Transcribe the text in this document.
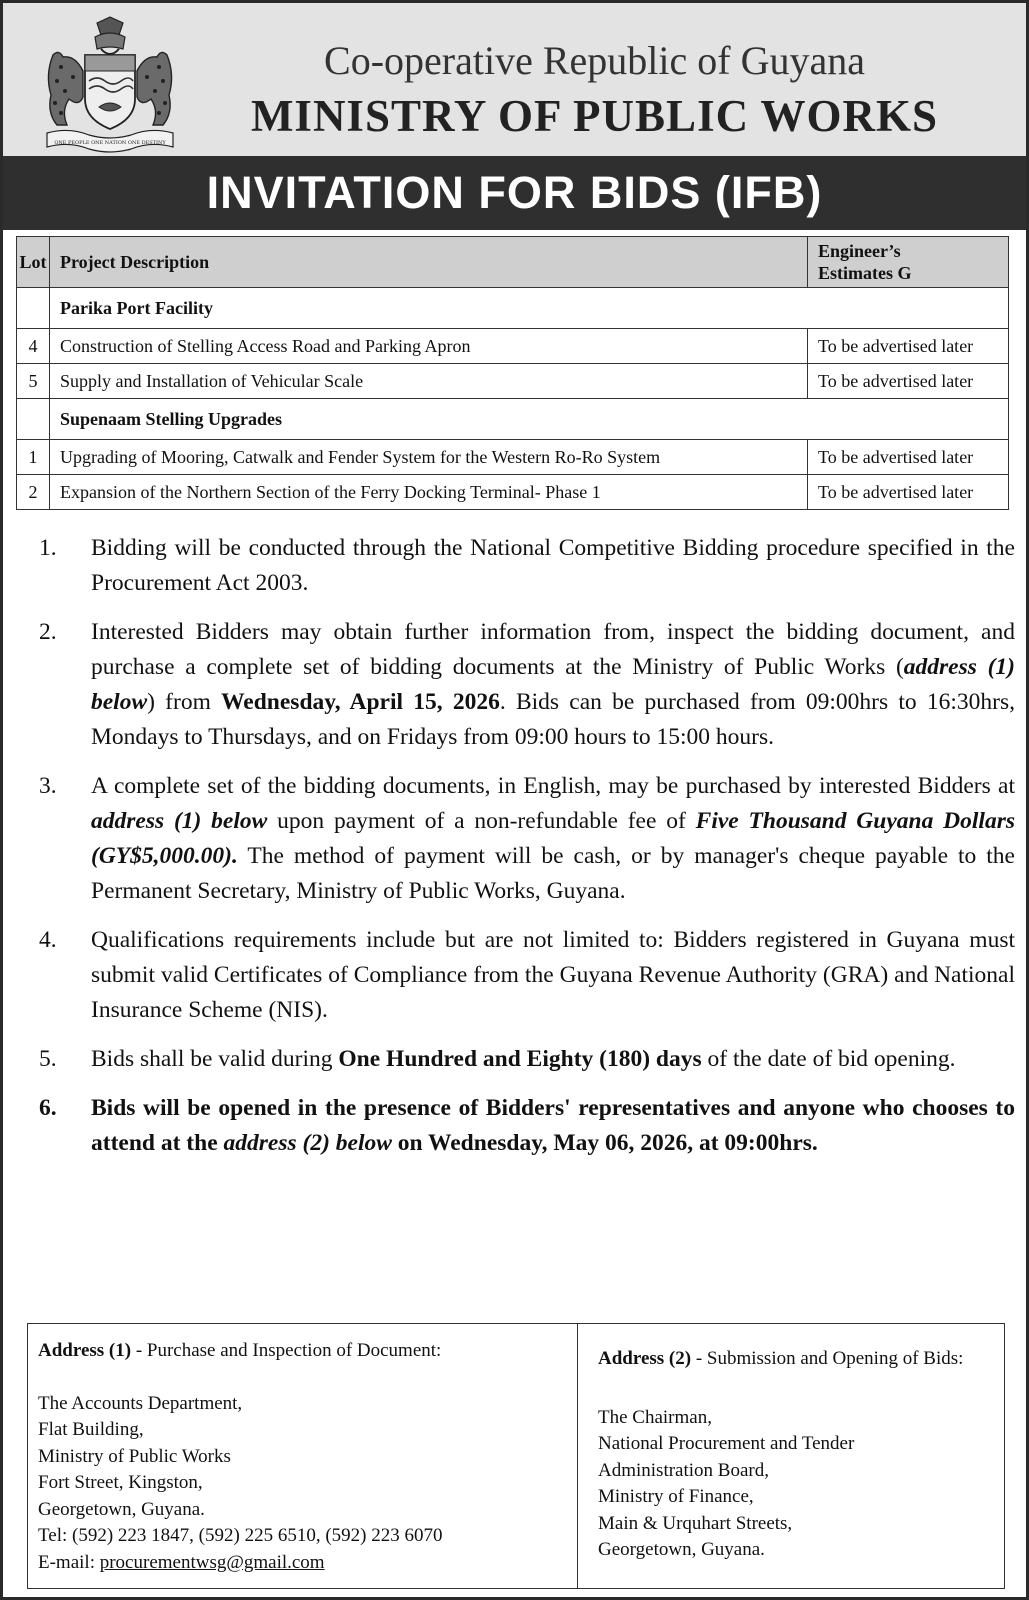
ONE PEOPLE ONE NATION ONE DESTINY
Co-operative Republic of Guyana
MINISTRY OF PUBLIC WORKS
INVITATION FOR BIDS (IFB)
Lot	Project Description	Engineer’s
Estimates G
	Parika Port Facility	
4	Construction of Stelling Access Road and Parking Apron	To be advertised later
5	Supply and Installation of Vehicular Scale	To be advertised later
	Supenaam Stelling Upgrades	
1	Upgrading of Mooring, Catwalk and Fender System for the Western Ro-Ro System	To be advertised later
2	Expansion of the Northern Section of the Ferry Docking Terminal- Phase 1	To be advertised later
1. Bidding will be conducted through the National Competitive Bidding procedure specified in the Procurement Act 2003.
2. Interested Bidders may obtain further information from, inspect the bidding document, and purchase a complete set of bidding documents at the Ministry of Public Works (address (1) below) from Wednesday, April 15, 2026. Bids can be purchased from 09:00hrs to 16:30hrs, Mondays to Thursdays, and on Fridays from 09:00 hours to 15:00 hours.
3. A complete set of the bidding documents, in English, may be purchased by interested Bidders at address (1) below upon payment of a non-refundable fee of Five Thousand Guyana Dollars (GY$5,000.00). The method of payment will be cash, or by manager's cheque payable to the Permanent Secretary, Ministry of Public Works, Guyana.
4. Qualifications requirements include but are not limited to: Bidders registered in Guyana must submit valid Certificates of Compliance from the Guyana Revenue Authority (GRA) and National Insurance Scheme (NIS).
5. Bids shall be valid during One Hundred and Eighty (180) days of the date of bid opening.
6. Bids will be opened in the presence of Bidders' representatives and anyone who chooses to attend at the address (2) below on Wednesday, May 06, 2026, at 09:00hrs.
Address (1) - Purchase and Inspection of Document:
The Accounts Department,
Flat Building,
Ministry of Public Works
Fort Street, Kingston,
Georgetown, Guyana.
Tel: (592) 223 1847, (592) 225 6510, (592) 223 6070
E-mail: procurementwsg@gmail.com
Address (2) - Submission and Opening of Bids:
The Chairman,
National Procurement and Tender
Administration Board,
Ministry of Finance,
Main & Urquhart Streets,
Georgetown, Guyana.
